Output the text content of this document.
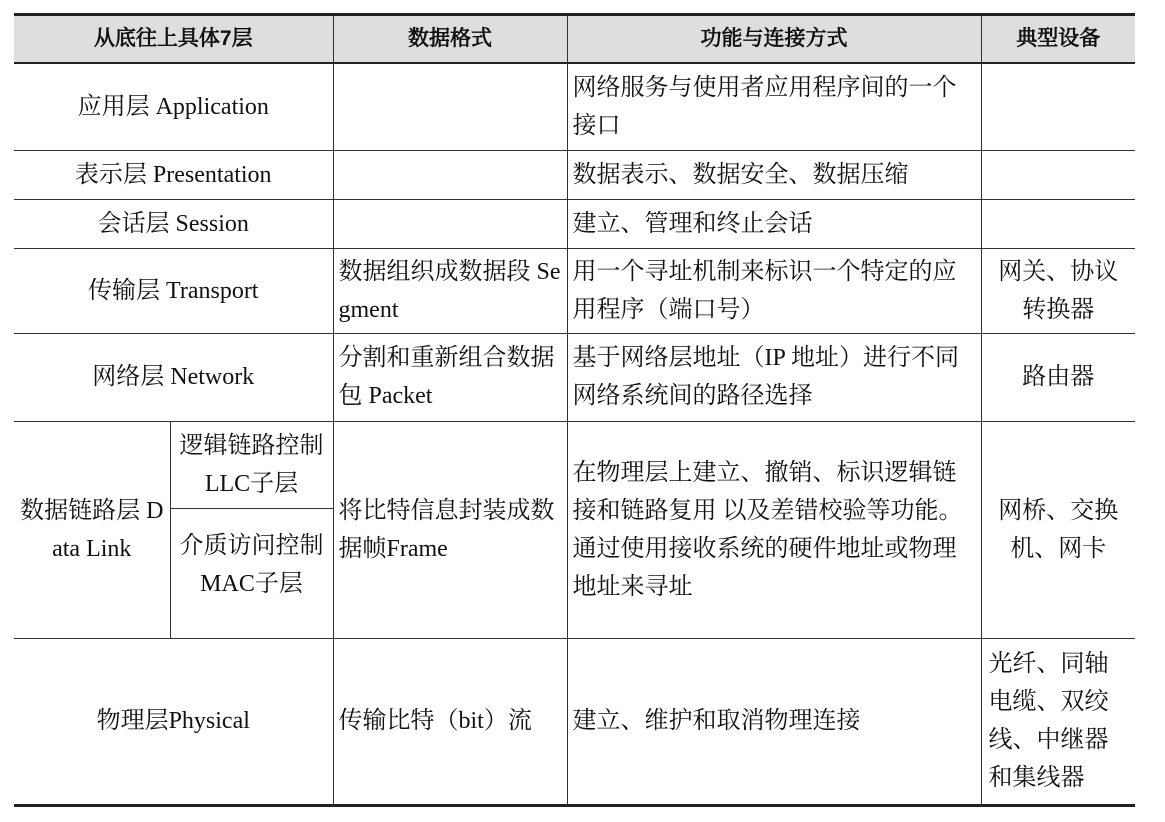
从底往上具体7层		数据格式	功能与连接方式	典型设备
应用层 Application			网络服务与使用者应用程序间的一个接口	
表示层 Presentation			数据表示、数据安全、数据压缩	
会话层 Session			建立、管理和终止会话	
传输层 Transport		数据组织成数据段 Segment	用一个寻址机制来标识一个特定的应用程序（端口号）	网关、协议转换器
网络层 Network		分割和重新组合数据包 Packet	基于网络层地址（IP 地址）进行不同网络系统间的路径选择	路由器
数据链路层 Data Link	逻辑链路控制 LLC子层	将比特信息封装成数据帧Frame	在物理层上建立、撤销、标识逻辑链接和链路复用 以及差错校验等功能。通过使用接收系统的硬件地址或物理地址来寻址	网桥、交换机、网卡
	介质访问控制 MAC子层			
物理层Physical		传输比特（bit）流	建立、维护和取消物理连接	光纤、同轴电缆、双绞线、中继器和集线器
